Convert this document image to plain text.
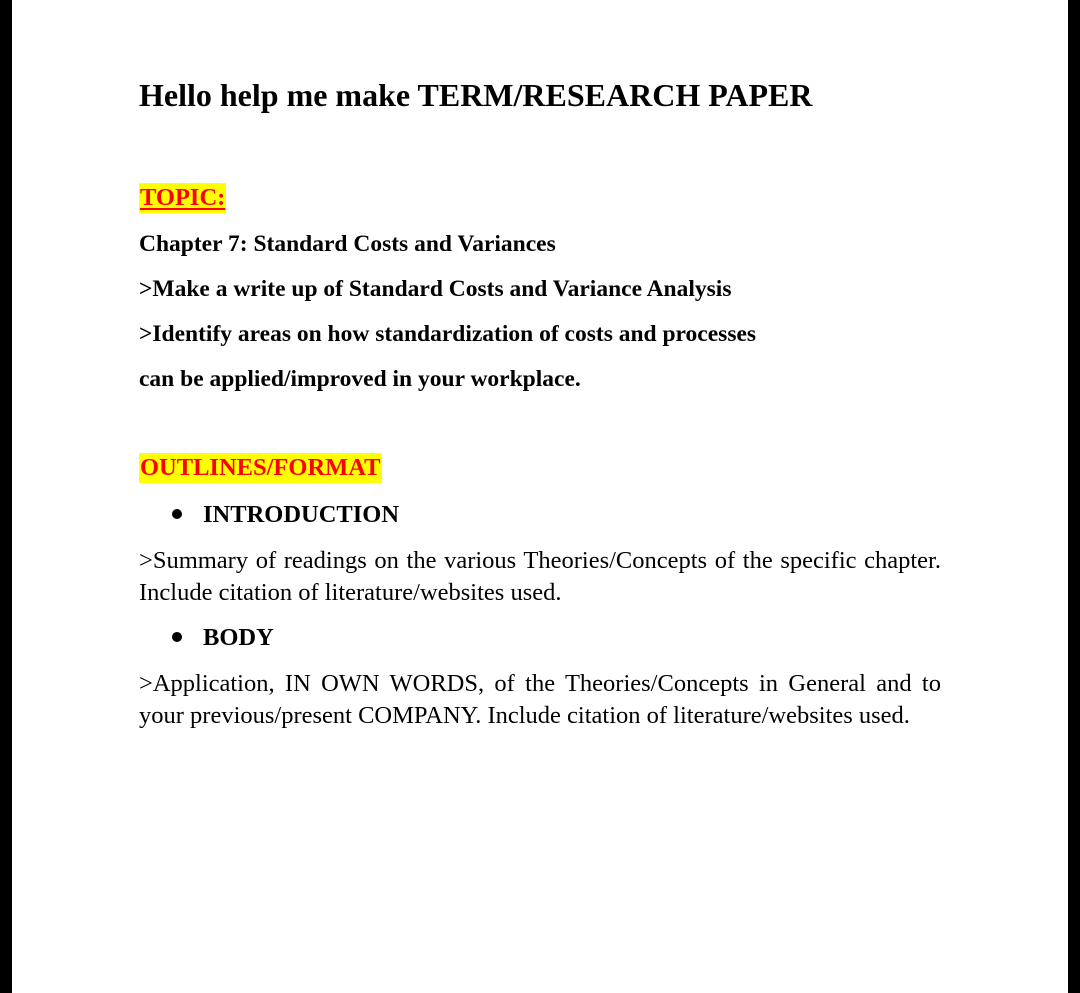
Hello help me make TERM/RESEARCH PAPER
TOPIC:
Chapter 7: Standard Costs and Variances
>Make a write up of Standard Costs and Variance Analysis
>Identify areas on how standardization of costs and processes
can be applied/improved in your workplace.
OUTLINES/FORMAT
INTRODUCTION

>Summary of readings on the various Theories/Concepts of the specific chapter. Include citation of literature/websites used.

BODY

>Application, IN OWN WORDS, of the Theories/Concepts in General and to your previous/present COMPANY. Include citation of literature/websites used.
